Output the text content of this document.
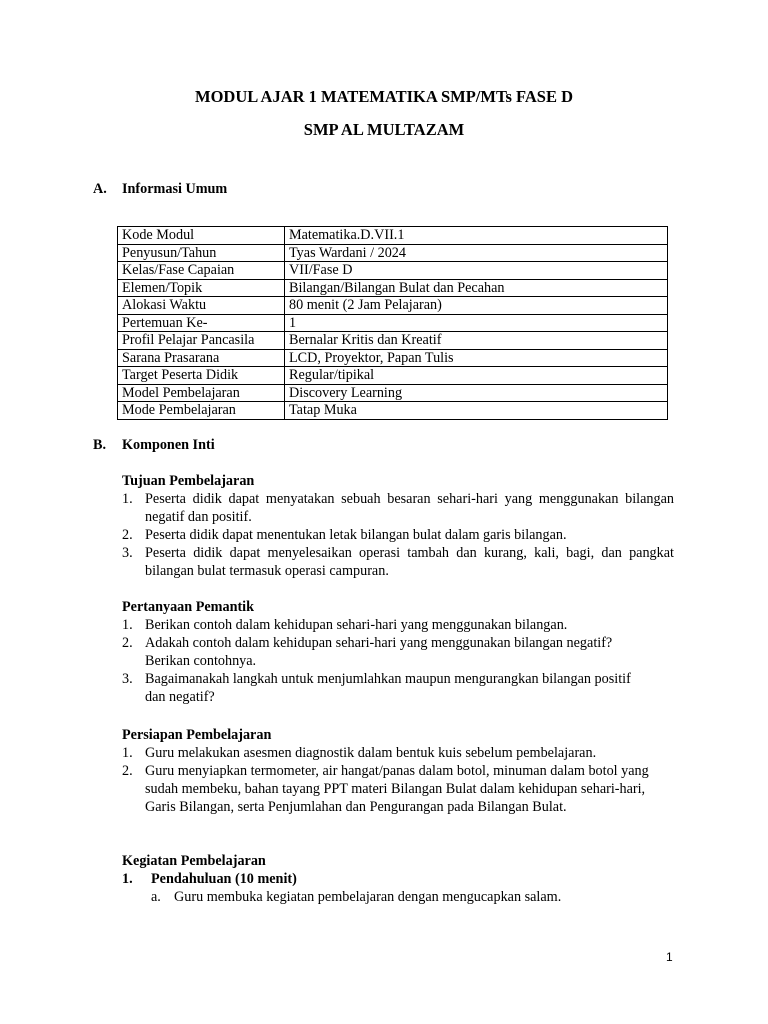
MODUL AJAR 1 MATEMATIKA SMP/MTs FASE D
SMP AL MULTAZAM
A. Informasi Umum
Kode Modul	Matematika.D.VII.1
Penyusun/Tahun	Tyas Wardani / 2024
Kelas/Fase Capaian	VII/Fase D
Elemen/Topik	Bilangan/Bilangan Bulat dan Pecahan
Alokasi Waktu	80 menit (2 Jam Pelajaran)
Pertemuan Ke-	1
Profil Pelajar Pancasila	Bernalar Kritis dan Kreatif
Sarana Prasarana	LCD, Proyektor, Papan Tulis
Target Peserta Didik	Regular/tipikal
Model Pembelajaran	Discovery Learning
Mode Pembelajaran	Tatap Muka
B. Komponen Inti
Tujuan Pembelajaran
1. Peserta didik dapat menyatakan sebuah besaran sehari-hari yang menggunakan bilangan negatif dan positif.
2. Peserta didik dapat menentukan letak bilangan bulat dalam garis bilangan.
3. Peserta didik dapat menyelesaikan operasi tambah dan kurang, kali, bagi, dan pangkat bilangan bulat termasuk operasi campuran.
Pertanyaan Pemantik
1. Berikan contoh dalam kehidupan sehari-hari yang menggunakan bilangan.
2. Adakah contoh dalam kehidupan sehari-hari yang menggunakan bilangan negatif? Berikan contohnya.
3. Bagaimanakah langkah untuk menjumlahkan maupun mengurangkan bilangan positif dan negatif?
Persiapan Pembelajaran
1. Guru melakukan asesmen diagnostik dalam bentuk kuis sebelum pembelajaran.
2. Guru menyiapkan termometer, air hangat/panas dalam botol, minuman dalam botol yang sudah membeku, bahan tayang PPT materi Bilangan Bulat dalam kehidupan sehari-hari, Garis Bilangan, serta Penjumlahan dan Pengurangan pada Bilangan Bulat.
Kegiatan Pembelajaran
1. Pendahuluan (10 menit)
a. Guru membuka kegiatan pembelajaran dengan mengucapkan salam.
1
